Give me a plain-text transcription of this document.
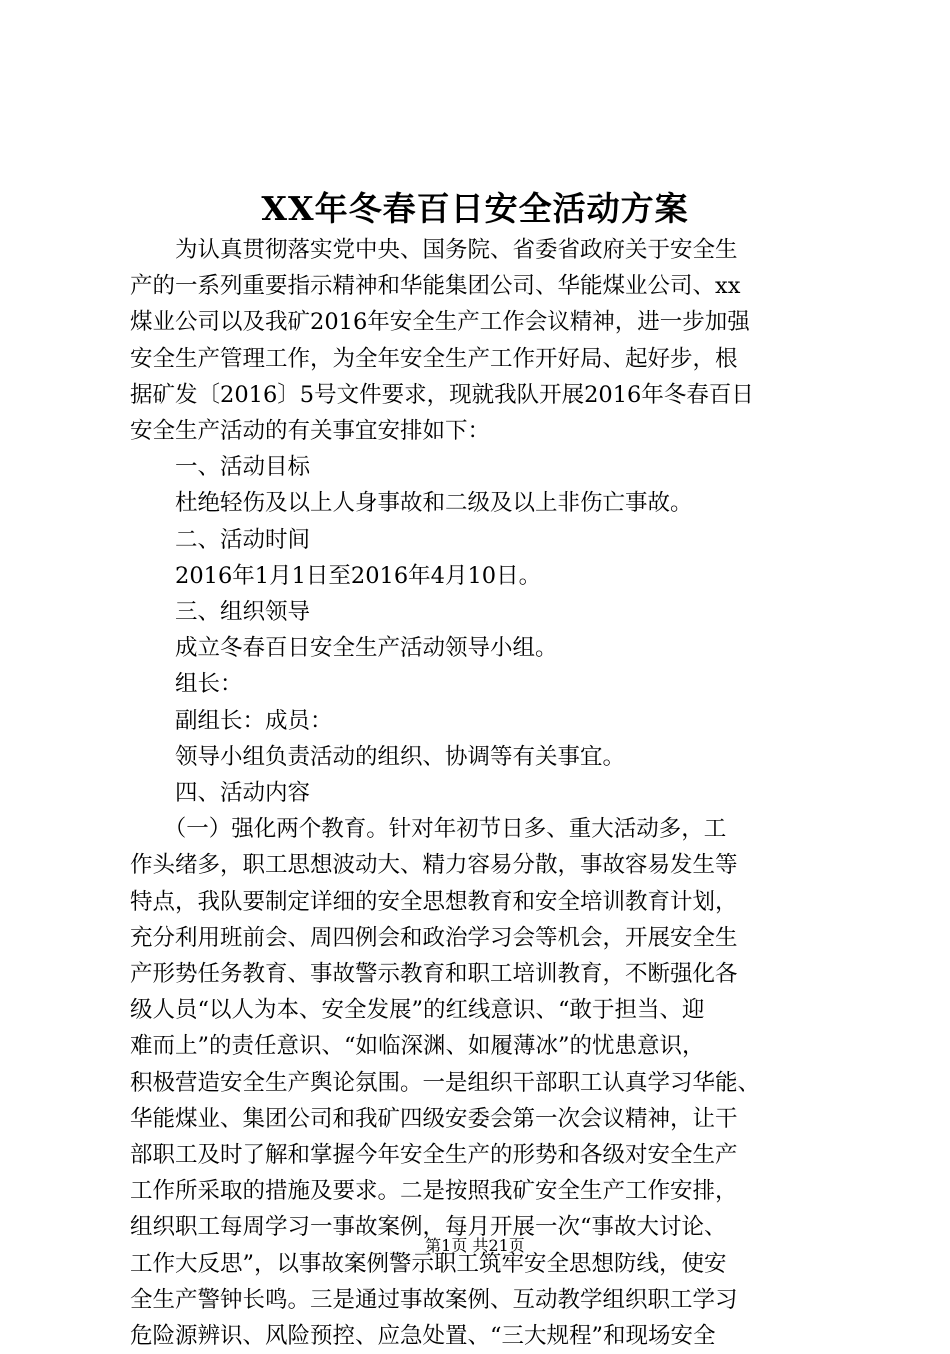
XX年冬春百日安全活动方案
　　为认真贯彻落实党中央、国务院、省委省政府关于安全生
产的一系列重要指示精神和华能集团公司、华能煤业公司、xx
煤业公司以及我矿2016年安全生产工作会议精神，进一步加强
安全生产管理工作，为全年安全生产工作开好局、起好步，根
据矿发〔2016〕5号文件要求，现就我队开展2016年冬春百日
安全生产活动的有关事宜安排如下：
　　一、活动目标
　　杜绝轻伤及以上人身事故和二级及以上非伤亡事故。
　　二、活动时间
　　2016年1月1日至2016年4月10日。
　　三、组织领导
　　成立冬春百日安全生产活动领导小组。
　　组长：
　　副组长：成员：
　　领导小组负责活动的组织、协调等有关事宜。
　　四、活动内容
　　（一）强化两个教育。针对年初节日多、重大活动多，工
作头绪多，职工思想波动大、精力容易分散，事故容易发生等
特点，我队要制定详细的安全思想教育和安全培训教育计划，
充分利用班前会、周四例会和政治学习会等机会，开展安全生
产形势任务教育、事故警示教育和职工培训教育，不断强化各
级人员“以人为本、安全发展”的红线意识、“敢于担当、迎
难而上”的责任意识、“如临深渊、如履薄冰”的忧患意识，
积极营造安全生产舆论氛围。一是组织干部职工认真学习华能、
华能煤业、集团公司和我矿四级安委会第一次会议精神，让干
部职工及时了解和掌握今年安全生产的形势和各级对安全生产
工作所采取的措施及要求。二是按照我矿安全生产工作安排，
组织职工每周学习一事故案例，每月开展一次“事故大讨论、
工作大反思”，以事故案例警示职工筑牢安全思想防线，使安
全生产警钟长鸣。三是通过事故案例、互动教学组织职工学习
危险源辨识、风险预控、应急处置、“三大规程”和现场安全
第1页 共21页
